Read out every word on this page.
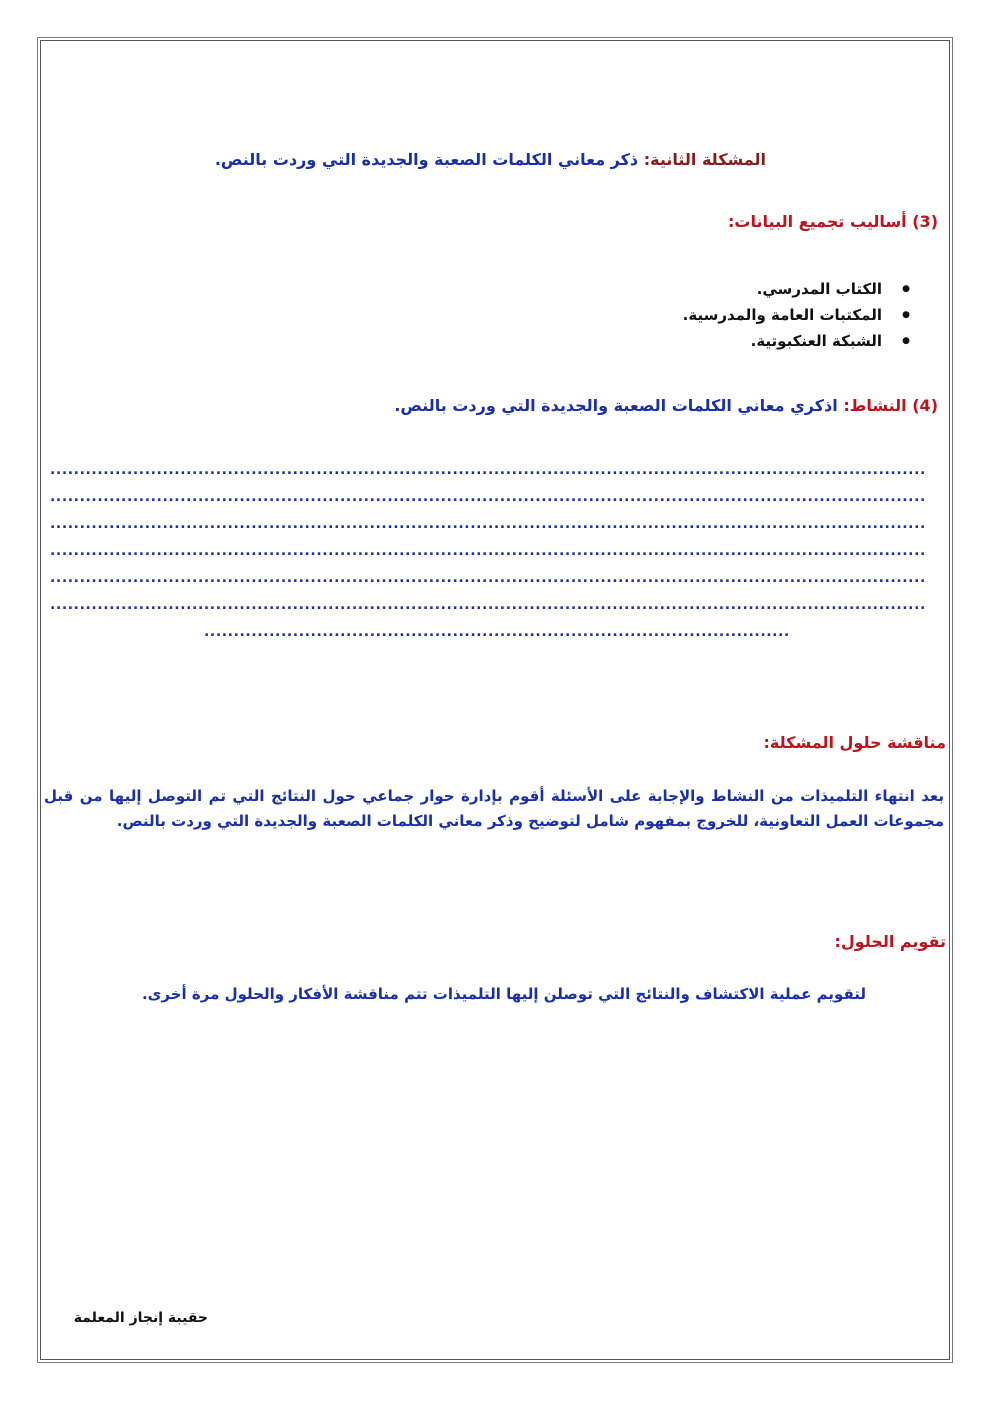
المشكلة الثانية: ذكر معاني الكلمات الصعبة والجديدة التي وردت بالنص.
(3) أساليب تجميع البيانات:
● الكتاب المدرسي.
● المكتبات العامة والمدرسية.
● الشبكة العنكبوتية.
(4) النشاط: اذكري معاني الكلمات الصعبة والجديدة التي وردت بالنص.
....................................................................................................................................................
....................................................................................................................................................
....................................................................................................................................................
....................................................................................................................................................
....................................................................................................................................................
....................................................................................................................................................
...................................................................................................
مناقشة حلول المشكلة:
بعد انتهاء التلميذات من النشاط والإجابة على الأسئلة أقوم بإدارة حوار جماعي حول النتائج التي تم التوصل إليها من قبل مجموعات العمل التعاونية، للخروج بمفهوم شامل لتوضيح وذكر معاني الكلمات الصعبة والجديدة التي وردت بالنص.
تقويم الحلول:
لتقويم عملية الاكتشاف والنتائج التي توصلن إليها التلميذات تتم مناقشة الأفكار والحلول مرة أخرى.
حقيبة إنجاز المعلمة
